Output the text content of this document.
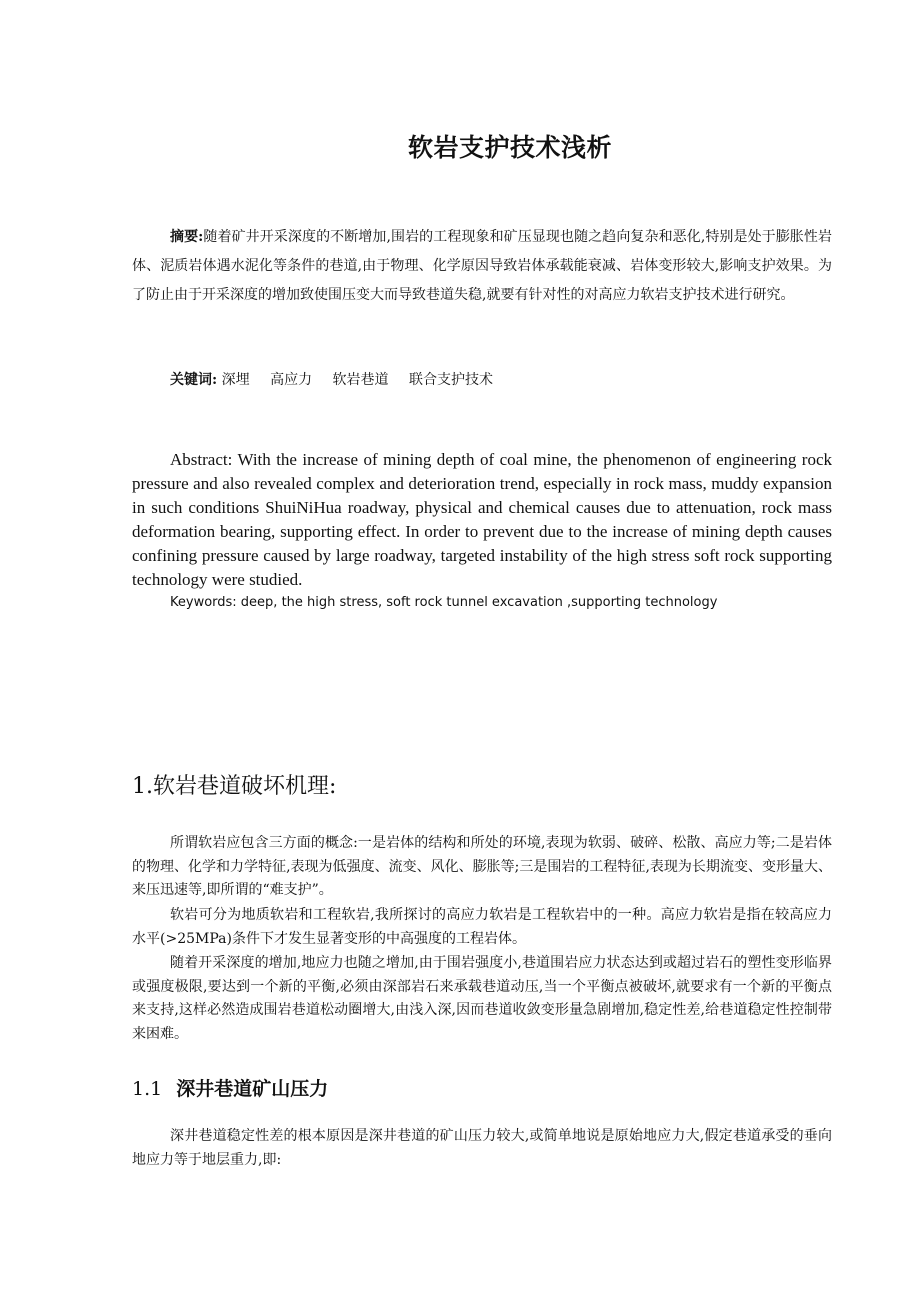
软岩支护技术浅析
摘要:随着矿井开采深度的不断增加,围岩的工程现象和矿压显现也随之趋向复杂和恶化,特别是处于膨胀性岩体、泥质岩体遇水泥化等条件的巷道,由于物理、化学原因导致岩体承载能衰减、岩体变形较大,影响支护效果。为了防止由于开采深度的增加致使围压变大而导致巷道失稳,就要有针对性的对高应力软岩支护技术进行研究。
关键词: 深埋 高应力 软岩巷道 联合支护技术
Abstract: With the increase of mining depth of coal mine, the phenomenon of engineering rock pressure and also revealed complex and deterioration trend, especially in rock mass, muddy expansion in such conditions ShuiNiHua roadway, physical and chemical causes due to attenuation, rock mass deformation bearing, supporting effect. In order to prevent due to the increase of mining depth causes confining pressure caused by large roadway, targeted instability of the high stress soft rock supporting technology were studied.
Keywords: deep, the high stress, soft rock tunnel excavation ,supporting technology
1.软岩巷道破坏机理:
所谓软岩应包含三方面的概念:一是岩体的结构和所处的环境,表现为软弱、破碎、松散、高应力等;二是岩体的物理、化学和力学特征,表现为低强度、流变、风化、膨胀等;三是围岩的工程特征,表现为长期流变、变形量大、来压迅速等,即所谓的“难支护”。
软岩可分为地质软岩和工程软岩,我所探讨的高应力软岩是工程软岩中的一种。高应力软岩是指在较高应力水平(>25MPa)条件下才发生显著变形的中高强度的工程岩体。
随着开采深度的增加,地应力也随之增加,由于围岩强度小,巷道围岩应力状态达到或超过岩石的塑性变形临界或强度极限,要达到一个新的平衡,必须由深部岩石来承载巷道动压,当一个平衡点被破坏,就要求有一个新的平衡点来支持,这样必然造成围岩巷道松动圈增大,由浅入深,因而巷道收敛变形量急剧增加,稳定性差,给巷道稳定性控制带来困难。
1.1 深井巷道矿山压力
深井巷道稳定性差的根本原因是深井巷道的矿山压力较大,或简单地说是原始地应力大,假定巷道承受的垂向地应力等于地层重力,即:
